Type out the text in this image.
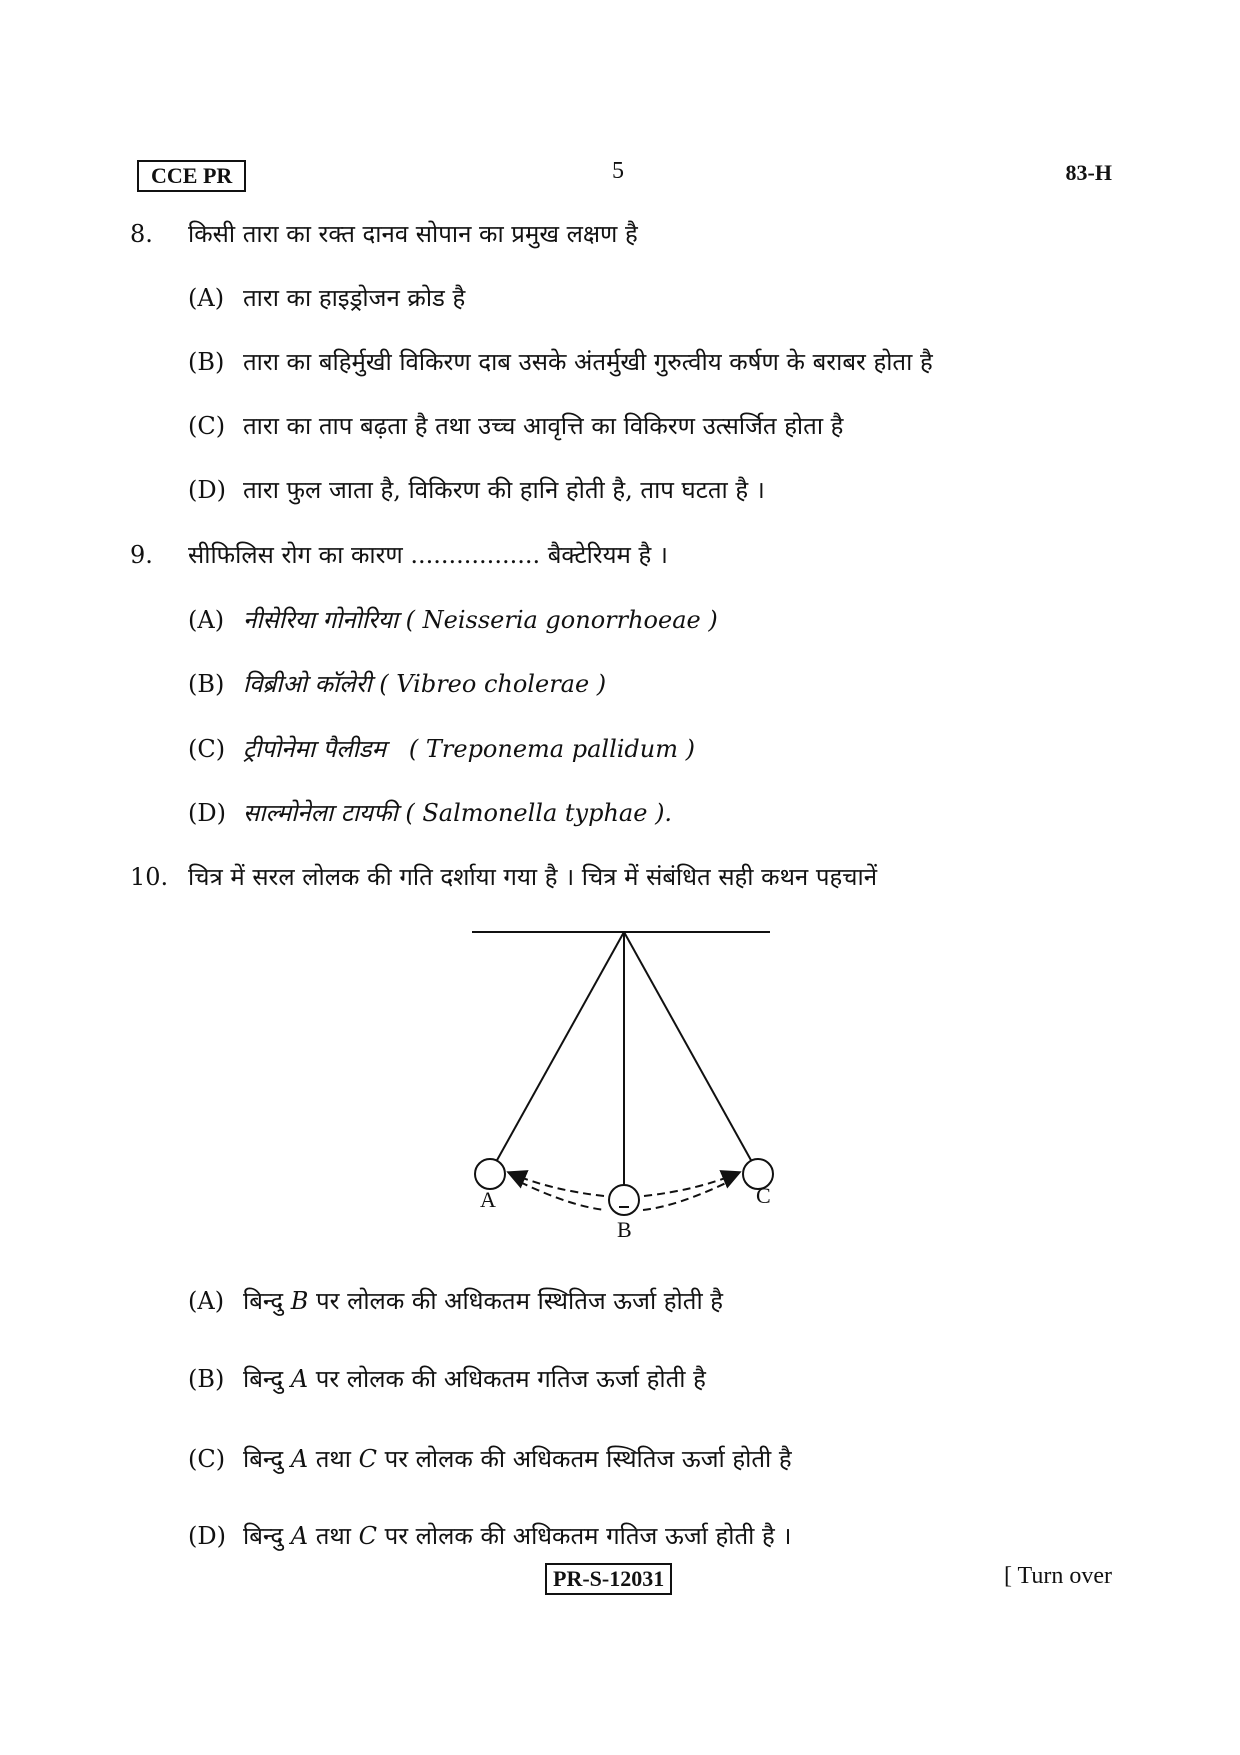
CCE PR	5	83-H
8. किसी तारा का रक्त दानव सोपान का प्रमुख लक्षण है
(A) तारा का हाइड्रोजन क्रोड है
(B) तारा का बहिर्मुखी विकिरण दाब उसके अंतर्मुखी गुरुत्वीय कर्षण के बराबर होता है
(C) तारा का ताप बढ़ता है तथा उच्च आवृत्ति का विकिरण उत्सर्जित होता है
(D) तारा फुल जाता है, विकिरण की हानि होती है, ताप घटता है ।
9. सीफिलिस रोग का कारण ................. बैक्टेरियम है ।
(A) नीसेरिया गोनोरिया ( Neisseria gonorrhoeae )
(B) विब्रीओ कॉलेरी ( Vibreo cholerae )
(C) ट्रीपोनेमा पैलीडम ( Treponema pallidum )
(D) साल्मोनेला टायफी ( Salmonella typhae ).
10. चित्र में सरल लोलक की गति दर्शाया गया है । चित्र में संबंधित सही कथन पहचानें
A
B
C
(A) बिन्दु B पर लोलक की अधिकतम स्थितिज ऊर्जा होती है
(B) बिन्दु A पर लोलक की अधिकतम गतिज ऊर्जा होती है
(C) बिन्दु A तथा C पर लोलक की अधिकतम स्थितिज ऊर्जा होती है
(D) बिन्दु A तथा C पर लोलक की अधिकतम गतिज ऊर्जा होती है ।
PR-S-12031	[ Turn over
